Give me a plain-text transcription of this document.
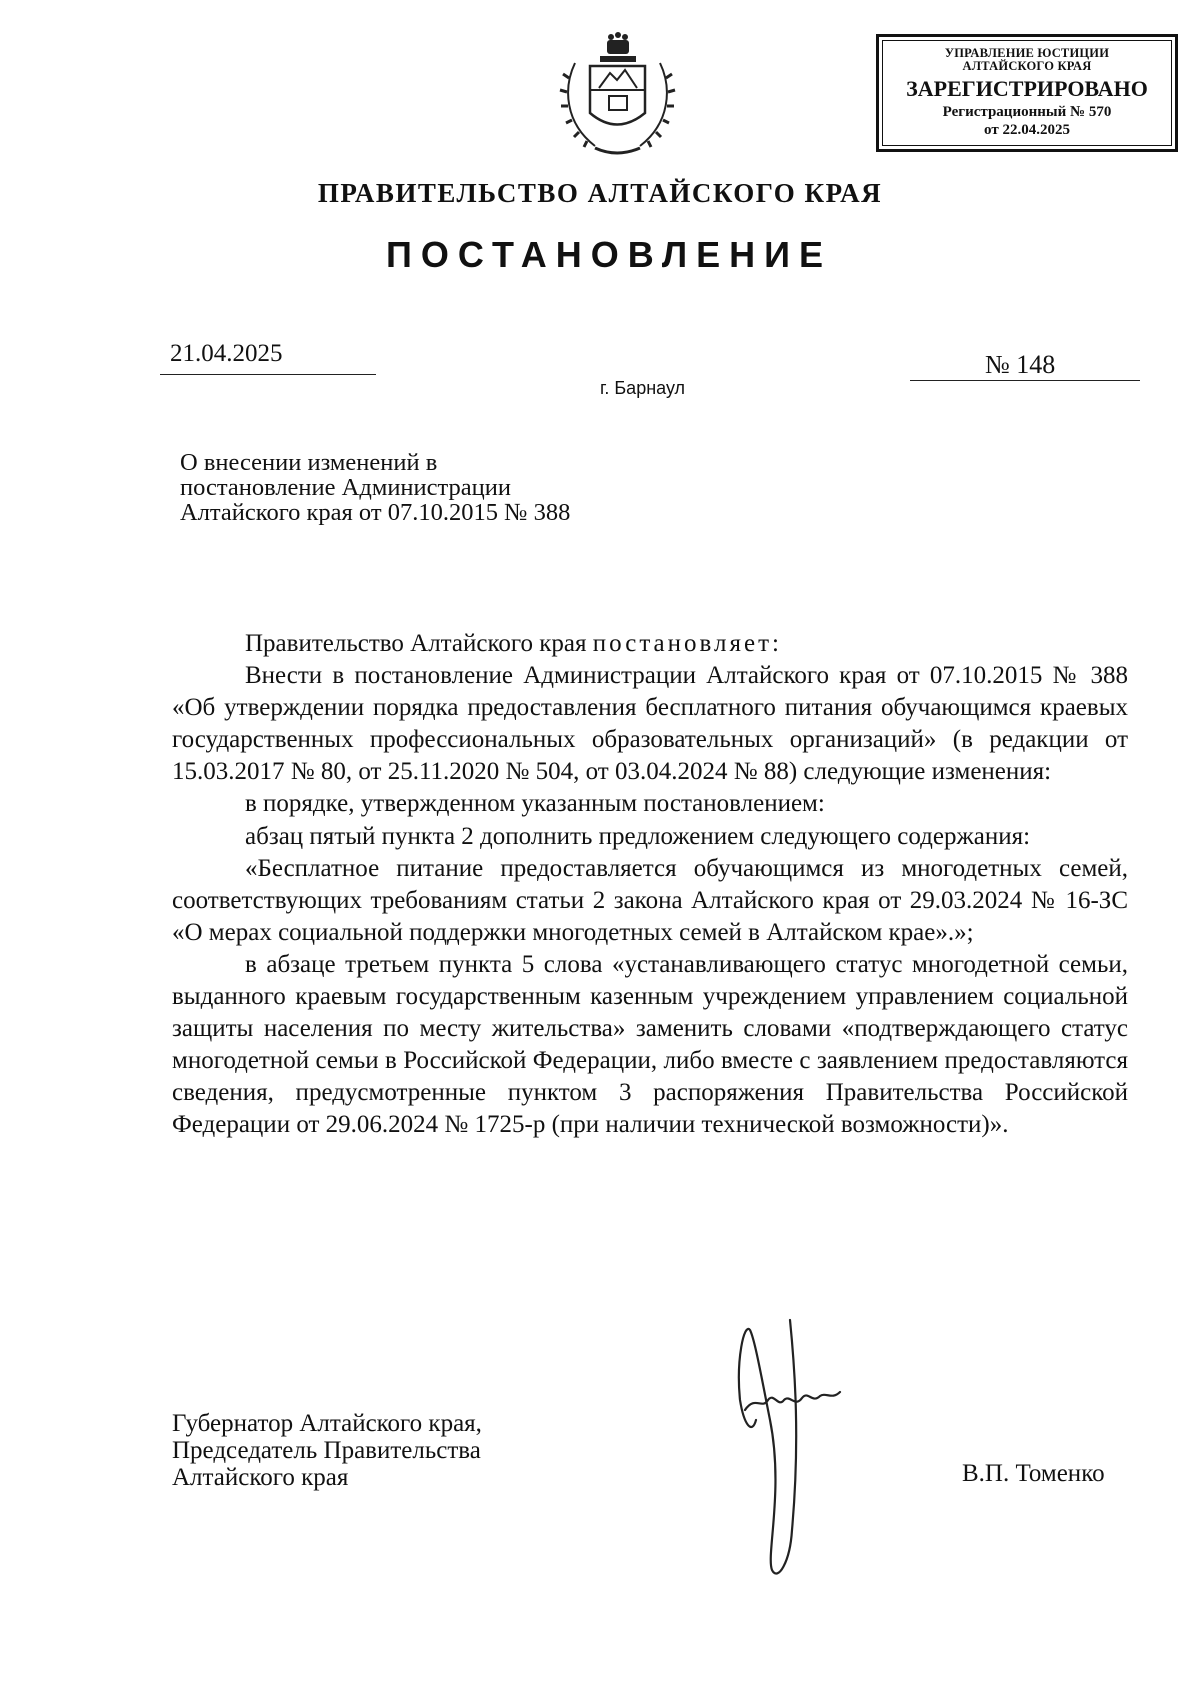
УПРАВЛЕНИЕ ЮСТИЦИИ
АЛТАЙСКОГО КРАЯ
ЗАРЕГИСТРИРОВАНО
Регистрационный № 570
от 22.04.2025
ПРАВИТЕЛЬСТВО АЛТАЙСКОГО КРАЯ
ПОСТАНОВЛЕНИЕ
21.04.2025	№ 148
г. Барнаул
О внесении изменений в
постановление Администрации
Алтайского края от 07.10.2015 № 388

Правительство Алтайского края постановляет:

Внести в постановление Администрации Алтайского края от 07.10.2015 № 388 «Об утверждении порядка предоставления бесплатного питания обучающимся краевых государственных профессиональных образовательных организаций» (в редакции от 15.03.2017 № 80, от 25.11.2020 № 504, от 03.04.2024 № 88) следующие изменения:

в порядке, утвержденном указанным постановлением:

абзац пятый пункта 2 дополнить предложением следующего содержания:

«Бесплатное питание предоставляется обучающимся из многодетных семей, соответствующих требованиям статьи 2 закона Алтайского края от 29.03.2024 № 16-ЗС «О мерах социальной поддержки многодетных семей в Алтайском крае».»;

в абзаце третьем пункта 5 слова «устанавливающего статус многодетной семьи, выданного краевым государственным казенным учреждением управлением социальной защиты населения по месту жительства» заменить словами «подтверждающего статус многодетной семьи в Российской Федерации, либо вместе с заявлением предоставляются сведения, предусмотренные пунктом 3 распоряжения Правительства Российской Федерации от 29.06.2024 № 1725-р (при наличии технической возможности)».

Губернатор Алтайского края,
Председатель Правительства
Алтайского края	В.П. Томенко
